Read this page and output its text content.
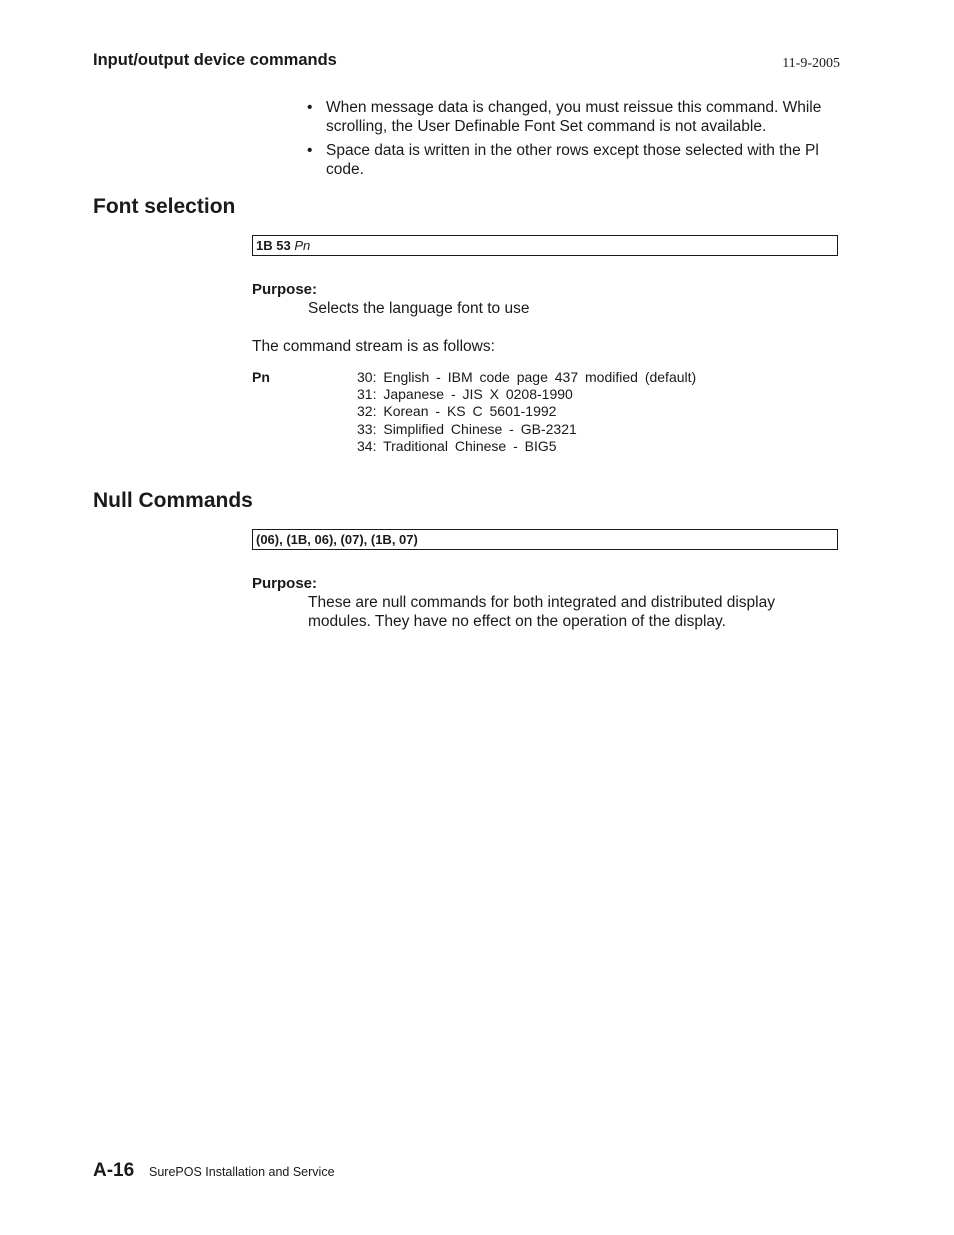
Input/output device commands	11-9-2005
• When message data is changed, you must reissue this command. While scrolling, the User Definable Font Set command is not available.
• Space data is written in the other rows except those selected with the Pl code.
Font selection
1B 53 Pn
Purpose:
Selects the language font to use
The command stream is as follows:
Pn	30: English - IBM code page 437 modified (default)
31: Japanese - JIS X 0208-1990
32: Korean - KS C 5601-1992
33: Simplified Chinese - GB-2321
34: Traditional Chinese - BIG5
Null Commands
(06), (1B, 06), (07), (1B, 07)
Purpose:
These are null commands for both integrated and distributed display
modules. They have no effect on the operation of the display.
A-16 SurePOS Installation and Service
